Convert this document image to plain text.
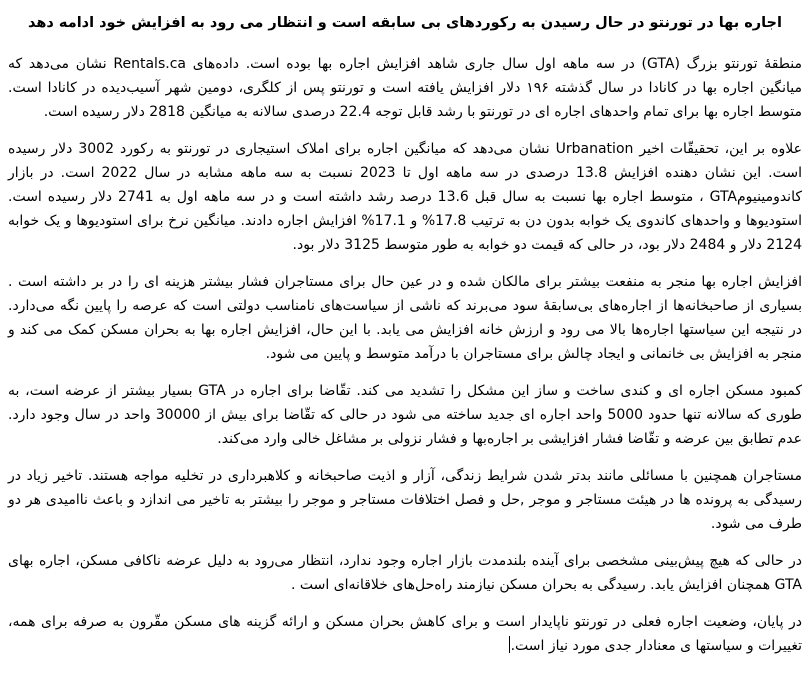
اجاره بها در تورنتو در حال رسیدن به رکوردهای بی سابقه است و انتظار می رود به افزایش خود ادامه دهد

منطقۀ تورنتو بزرگ (GTA) در سه ماهه اول سال جاری شاهد افزایش اجاره بها بوده است. داده‌های Rentals.ca نشان می‌دهد که میانگین اجاره بها در کانادا در سال گذشته ۱۹۶ دلار افزایش یافته است و تورنتو پس از کلگری، دومین شهر آسیب‌دیده در کانادا است. متوسط اجاره بها برای تمام واحدهای اجاره ای در تورنتو با رشد قابل توجه 22.4 درصدی سالانه به میانگین 2818 دلار رسیده است.

علاوه بر این، تحقیقّات اخیر Urbanation نشان می‌دهد که میانگین اجاره برای املاک استیجاری در تورنتو به رکورد 3002 دلار رسیده است. این نشان دهنده افزایش 13.8 درصدی در سه ماهه اول تا 2023 نسبت به سه ماهه مشابه در سال 2022 است. در بازار کاندومینیومGTA ، متوسط اجاره بها نسبت به سال قبل 13.6 درصد رشد داشته است و در سه ماهه اول به 2741 دلار رسیده است. استودیوها و واحدهای کاندوی یک خوابه بدون دن به ترتیب 17.8% و 17.1% افزایش اجاره دادند. میانگین نرخ برای استودیوها و یک خوابه 2124 دلار و 2484 دلار بود، در حالی که قیمت دو خوابه به طور متوسط 3125 دلار بود.

افزایش اجاره بها منجر به منفعت بیشتر برای مالکان شده و در عین حال برای مستاجران فشار بیشتر هزینه ای را در بر داشته است . بسیاری از صاحبخانه‌ها از اجاره‌های بی‌سابقۀ سود می‌برند که ناشی از سیاست‌های نامناسب دولتی است که عرصه را پایین نگه می‌دارد. در نتیجه این سیاستها اجاره‌ها بالا می رود و ارزش خانه افزایش می یابد. با این حال، افزایش اجاره بها به بحران مسکن کمک می کند و منجر به افزایش بی خانمانی و ایجاد چالش برای مستاجران با درآمد متوسط و پایین می شود.

کمبود مسکن اجاره ای و کندی ساخت و ساز این مشکل را تشدید می کند. تقّاضا برای اجاره در GTA بسیار بیشتر از عرضه است، به طوری که سالانه تنها حدود 5000 واحد اجاره ای جدید ساخته می شود در حالی که تقّاضا برای بیش از 30000 واحد در سال وجود دارد. عدم تطابق بین عرضه و تقّاضا فشار افزایشی بر اجاره‌بها و فشار نزولی بر مشاغل خالی وارد می‌کند.

مستاجران همچنین با مسائلی مانند بدتر شدن شرایط زندگی، آزار و اذیت صاحبخانه و کلاهبرداری در تخلیه مواجه هستند. تاخیر زیاد در رسیدگی به پرونده ها در هیئت مستاجر و موجر ,حل و فصل اختلافات مستاجر و موجر را بیشتر به تاخیر می اندازد و باعث ناامیدی هر دو طرف می شود.

در حالی که هیچ پیش‌بینی مشخصی برای آینده بلندمدت بازار اجاره وجود ندارد، انتظار می‌رود به دلیل عرضه ناکافی مسکن، اجاره بهای GTA همچنان افزایش یابد. رسیدگی به بحران مسکن نیازمند راه‌حل‌های خلاقانه‌ای است .

در پایان، وضعیت اجاره فعلی در تورنتو ناپایدار است و برای کاهش بحران مسکن و ارائه گزینه های مسکن مقّرون به صرفه برای همه، تغییرات و سیاستها ی معنادار جدی مورد نیاز است.
